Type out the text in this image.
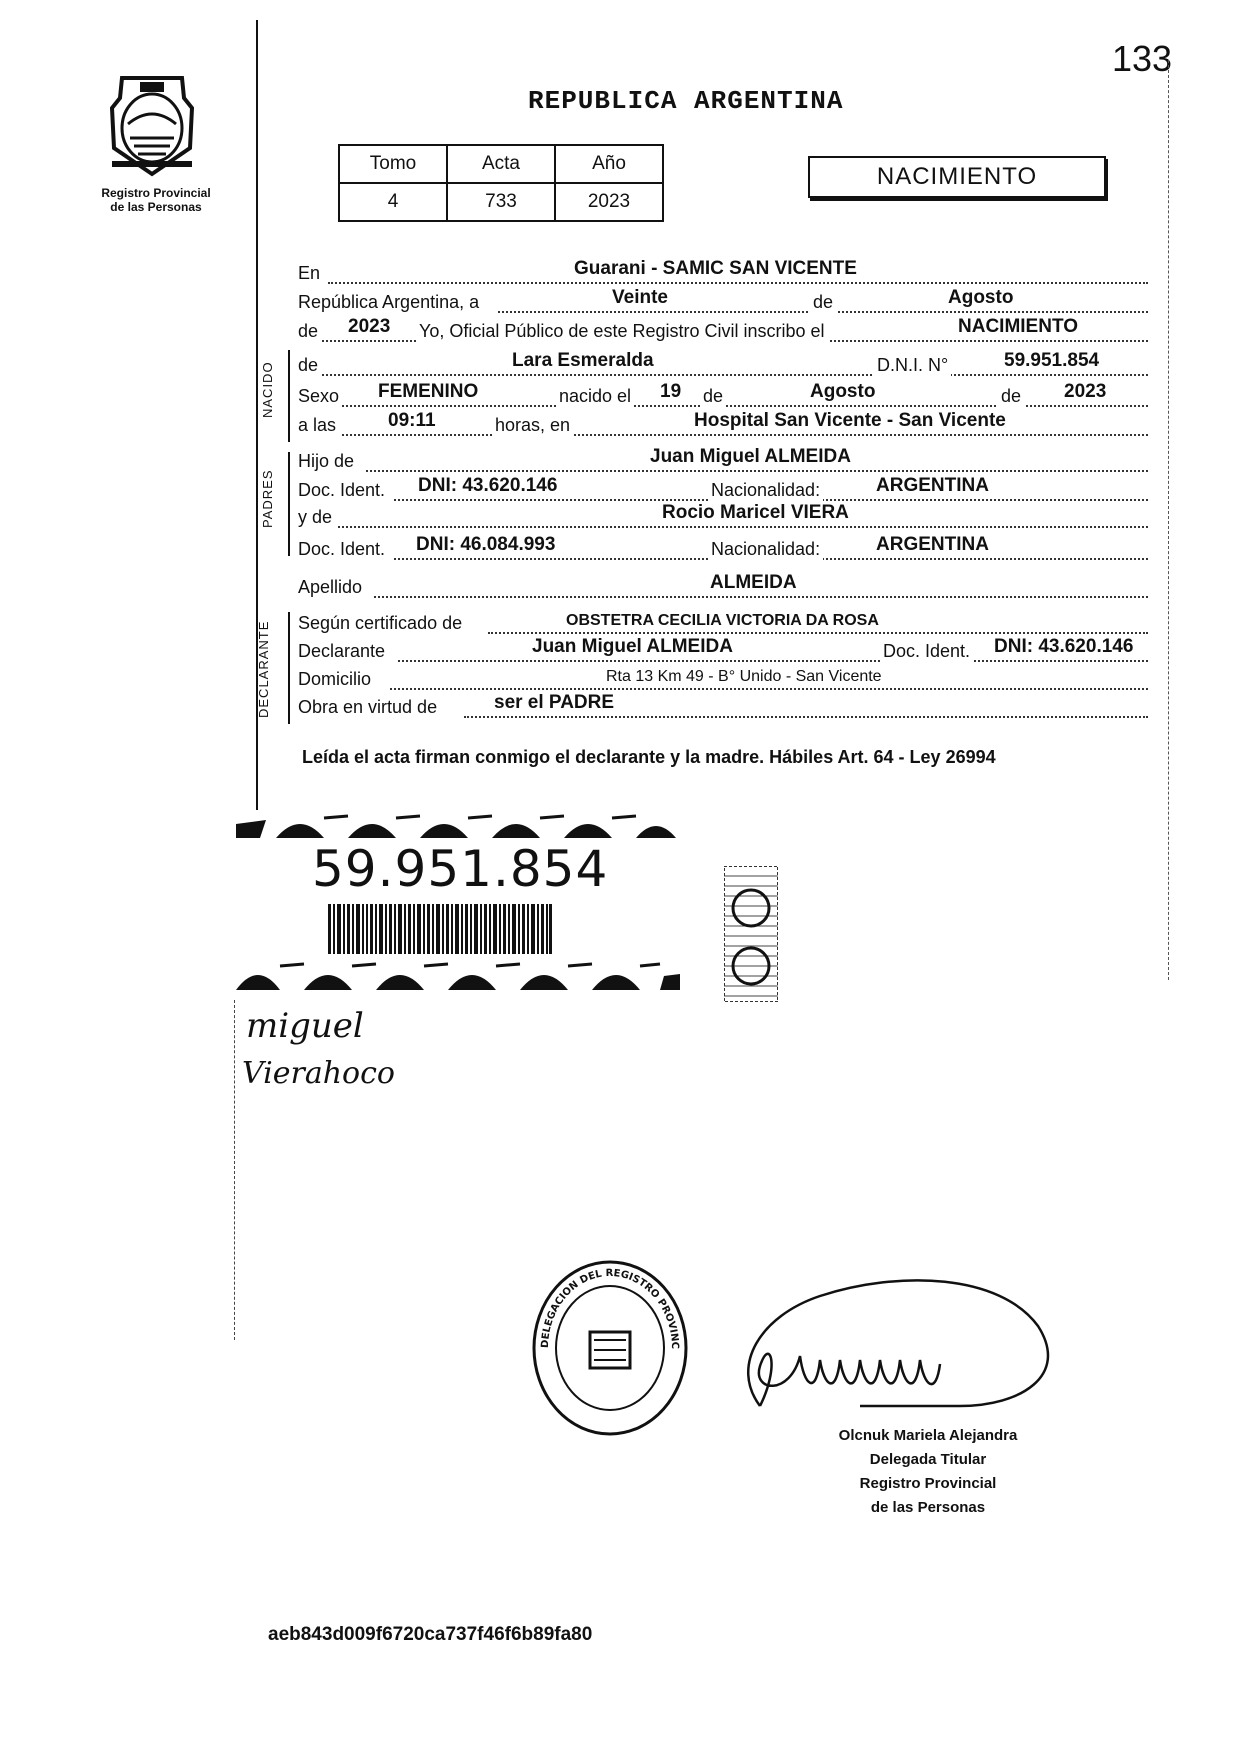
133
Registro Provincial
de las Personas
REPUBLICA ARGENTINA
Tomo	Acta	Año
4	733	2023
NACIMIENTO
En	Guarani - SAMIC SAN VICENTE
República Argentina, a	Veinte	de	Agosto
de 2023 Yo, Oficial Público de este Registro Civil inscribo el	NACIMIENTO
NACIDO de	Lara Esmeralda	D.N.I. N°	59.951.854
Sexo FEMENINO	nacido el 19 de	Agosto	de 2023
a las	09:11	horas, en	Hospital San Vicente - San Vicente
PADRES
Hijo de	Juan Miguel ALMEIDA
Doc. Ident. DNI: 43.620.146	Nacionalidad:	ARGENTINA
y de	Rocio Maricel VIERA
Doc. Ident. DNI: 46.084.993	Nacionalidad:	ARGENTINA
Apellido	ALMEIDA
DECLARANTE Según certificado de	OBSTETRA CECILIA VICTORIA DA ROSA
Declarante	Juan Miguel ALMEIDA	Doc. Ident. DNI: 43.620.146
Domicilio	Rta 13 Km 49 - B° Unido - San Vicente
Obra en virtud de	ser el PADRE
Leída el acta firman conmigo el declarante y la madre. Hábiles Art. 64 - Ley 26994
59.951.854
miguel
Vierahoco
DELEGACION DEL REGISTRO PROVINC
Olcnuk Mariela Alejandra
Delegada Titular
Registro Provincial
de las Personas
aeb843d009f6720ca737f46f6b89fa80
